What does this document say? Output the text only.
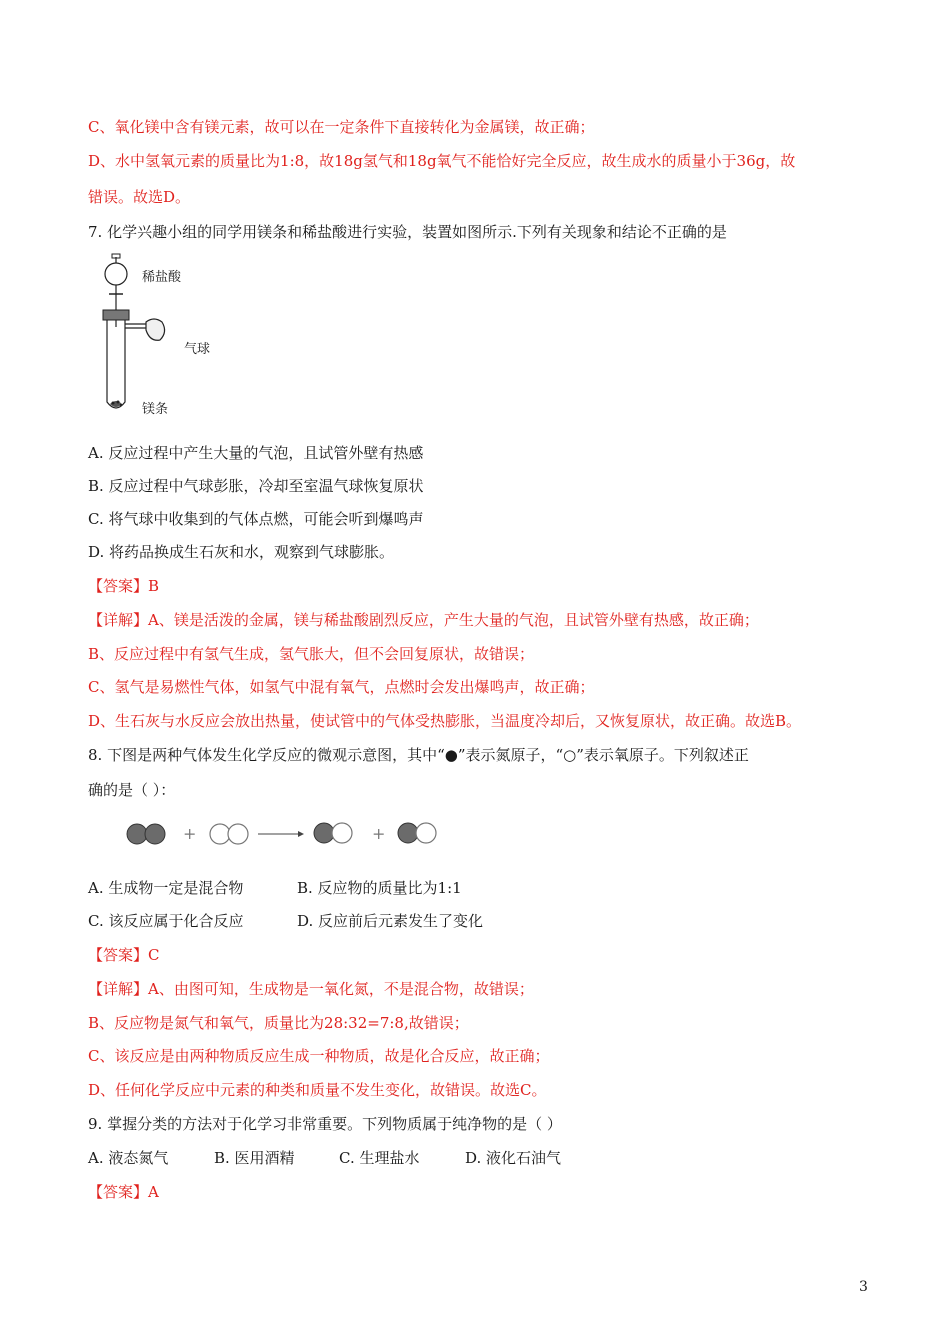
C、氧化镁中含有镁元素，故可以在一定条件下直接转化为金属镁，故正确；
D、水中氢氧元素的质量比为1:8，故18g氢气和18g氧气不能恰好完全反应，故生成水的质量小于36g，故
错误。故选D。
7. 化学兴趣小组的同学用镁条和稀盐酸进行实验，装置如图所示.下列有关现象和结论不正确的是
稀盐酸
气球
镁条
A. 反应过程中产生大量的气泡，且试管外壁有热感
B. 反应过程中气球彭胀，冷却至室温气球恢复原状
C. 将气球中收集到的气体点燃，可能会听到爆鸣声
D. 将药品换成生石灰和水，观察到气球膨胀。
【答案】B
【详解】A、镁是活泼的金属，镁与稀盐酸剧烈反应，产生大量的气泡，且试管外壁有热感，故正确；
B、反应过程中有氢气生成，氢气胀大，但不会回复原状，故错误；
C、氢气是易燃性气体，如氢气中混有氧气，点燃时会发出爆鸣声，故正确；
D、生石灰与水反应会放出热量，使试管中的气体受热膨胀，当温度冷却后，又恢复原状，故正确。故选B。
8. 下图是两种气体发生化学反应的微观示意图，其中“●”表示氮原子，“○”表示氧原子。下列叙述正
确的是（ ）：
+	+
A. 生成物一定是混合物	B. 反应物的质量比为1:1
C. 该反应属于化合反应	D. 反应前后元素发生了变化
【答案】C
【详解】A、由图可知，生成物是一氧化氮，不是混合物，故错误；
B、反应物是氮气和氧气，质量比为28:32=7:8,故错误；
C、该反应是由两种物质反应生成一种物质，故是化合反应，故正确；
D、任何化学反应中元素的种类和质量不发生变化，故错误。故选C。
9. 掌握分类的方法对于化学习非常重要。下列物质属于纯净物的是（ ）
A. 液态氮气	B. 医用酒精	C. 生理盐水	D. 液化石油气
【答案】A
3
